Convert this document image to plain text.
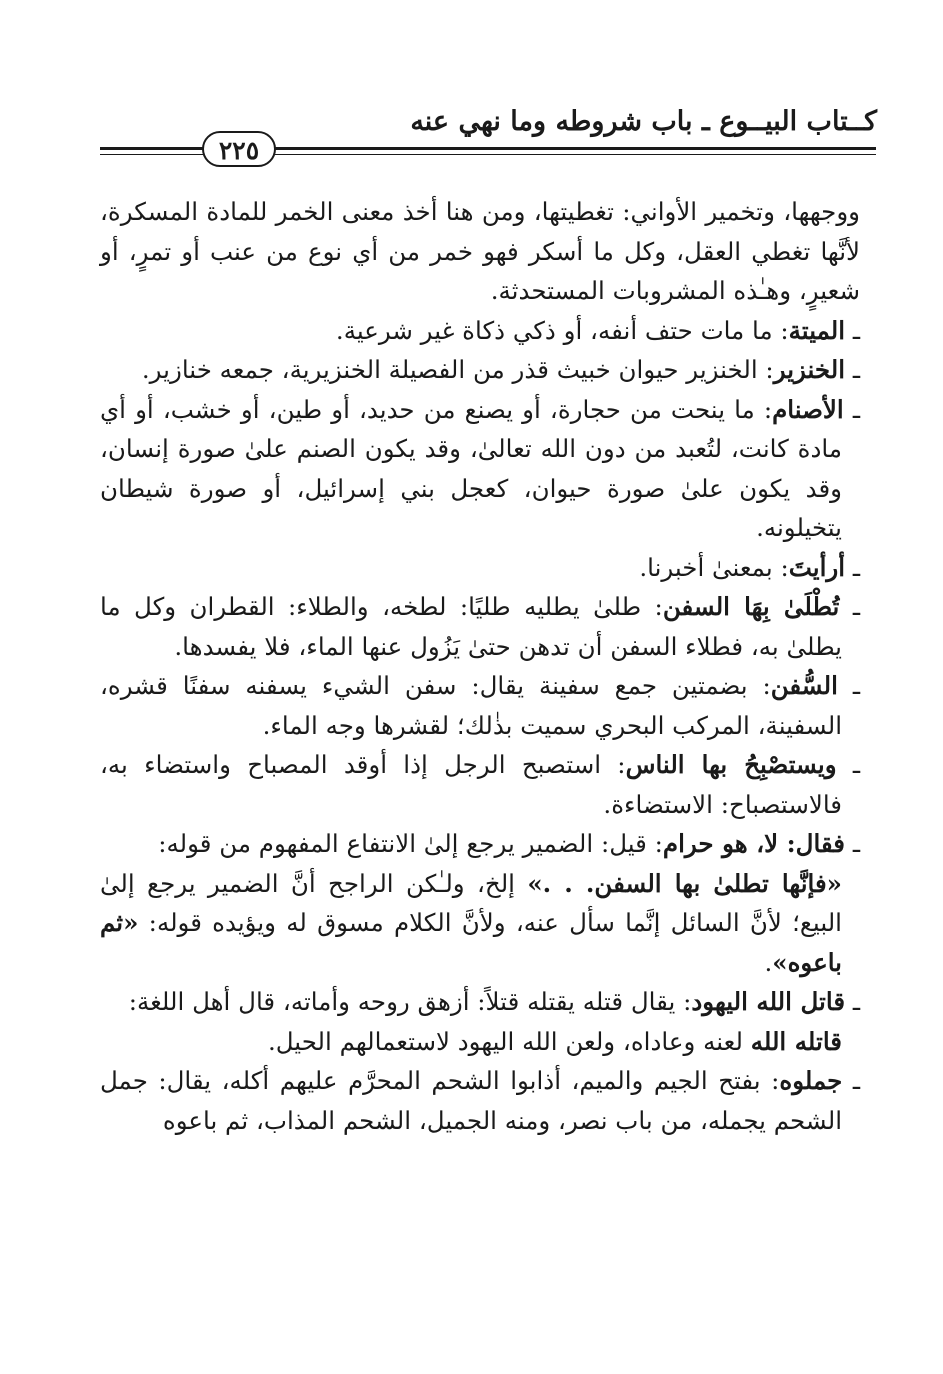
كــتاب البيــوع ـ باب شروطه وما نهي عنه
٢٢٥

ووجهها، وتخمير الأواني: تغطيتها، ومن هنا أخذ معنى الخمر للمادة المسكرة، لأنَّها تغطي العقل، وكل ما أسكر فهو خمر من أي نوع من عنب أو تمرٍ، أو شعيرٍ، وهـٰذه المشروبات المستحدثة.

ـ الميتة: ما مات حتف أنفه، أو ذكي ذكاة غير شرعية.

ـ الخنزير: الخنزير حيوان خبيث قذر من الفصيلة الخنزيرية، جمعه خنازير.

ـ الأصنام: ما ينحت من حجارة، أو يصنع من حديد، أو طين، أو خشب، أو أي مادة كانت، لتُعبد من دون الله تعالىٰ، وقد يكون الصنم علىٰ صورة إنسان، وقد يكون علىٰ صورة حيوان، كعجل بني إسرائيل، أو صورة شيطان يتخيلونه.

ـ أرأيتَ: بمعنىٰ أخبرنا.

ـ تُطْلَىٰ بِهَا السفن: طلىٰ يطليه طليًا: لطخه، والطلاء: القطران وكل ما يطلىٰ به، فطلاء السفن أن تدهن حتىٰ يَزُول عنها الماء، فلا يفسدها.

ـ السُّفن: بضمتين جمع سفينة يقال: سفن الشيء يسفنه سفنًا قشره، السفينة، المركب البحري سميت بذٰلك؛ لقشرها وجه الماء.

ـ ويستصْبِحُ بها الناس: استصبح الرجل إذا أوقد المصباح واستضاء به، فالاستصباح: الاستضاءة.

ـ فقال: لا، هو حرام: قيل: الضمير يرجع إلىٰ الانتفاع المفهوم من قوله:
«فإنَّها تطلىٰ بها السفن. . .» إلخ، ولـٰكن الراجح أنَّ الضمير يرجع إلىٰ البيع؛ لأنَّ السائل إنَّما سأل عنه، ولأنَّ الكلام مسوق له ويؤيده قوله: «ثم باعوه».

ـ قاتل الله اليهود: يقال قتله يقتله قتلاً: أزهق روحه وأماته، قال أهل اللغة:
قاتله الله لعنه وعاداه، ولعن الله اليهود لاستعمالهم الحيل.

ـ جملوه: بفتح الجيم والميم، أذابوا الشحم المحرَّم عليهم أكله، يقال: جمل الشحم يجمله، من باب نصر، ومنه الجميل، الشحم المذاب، ثم باعوه
